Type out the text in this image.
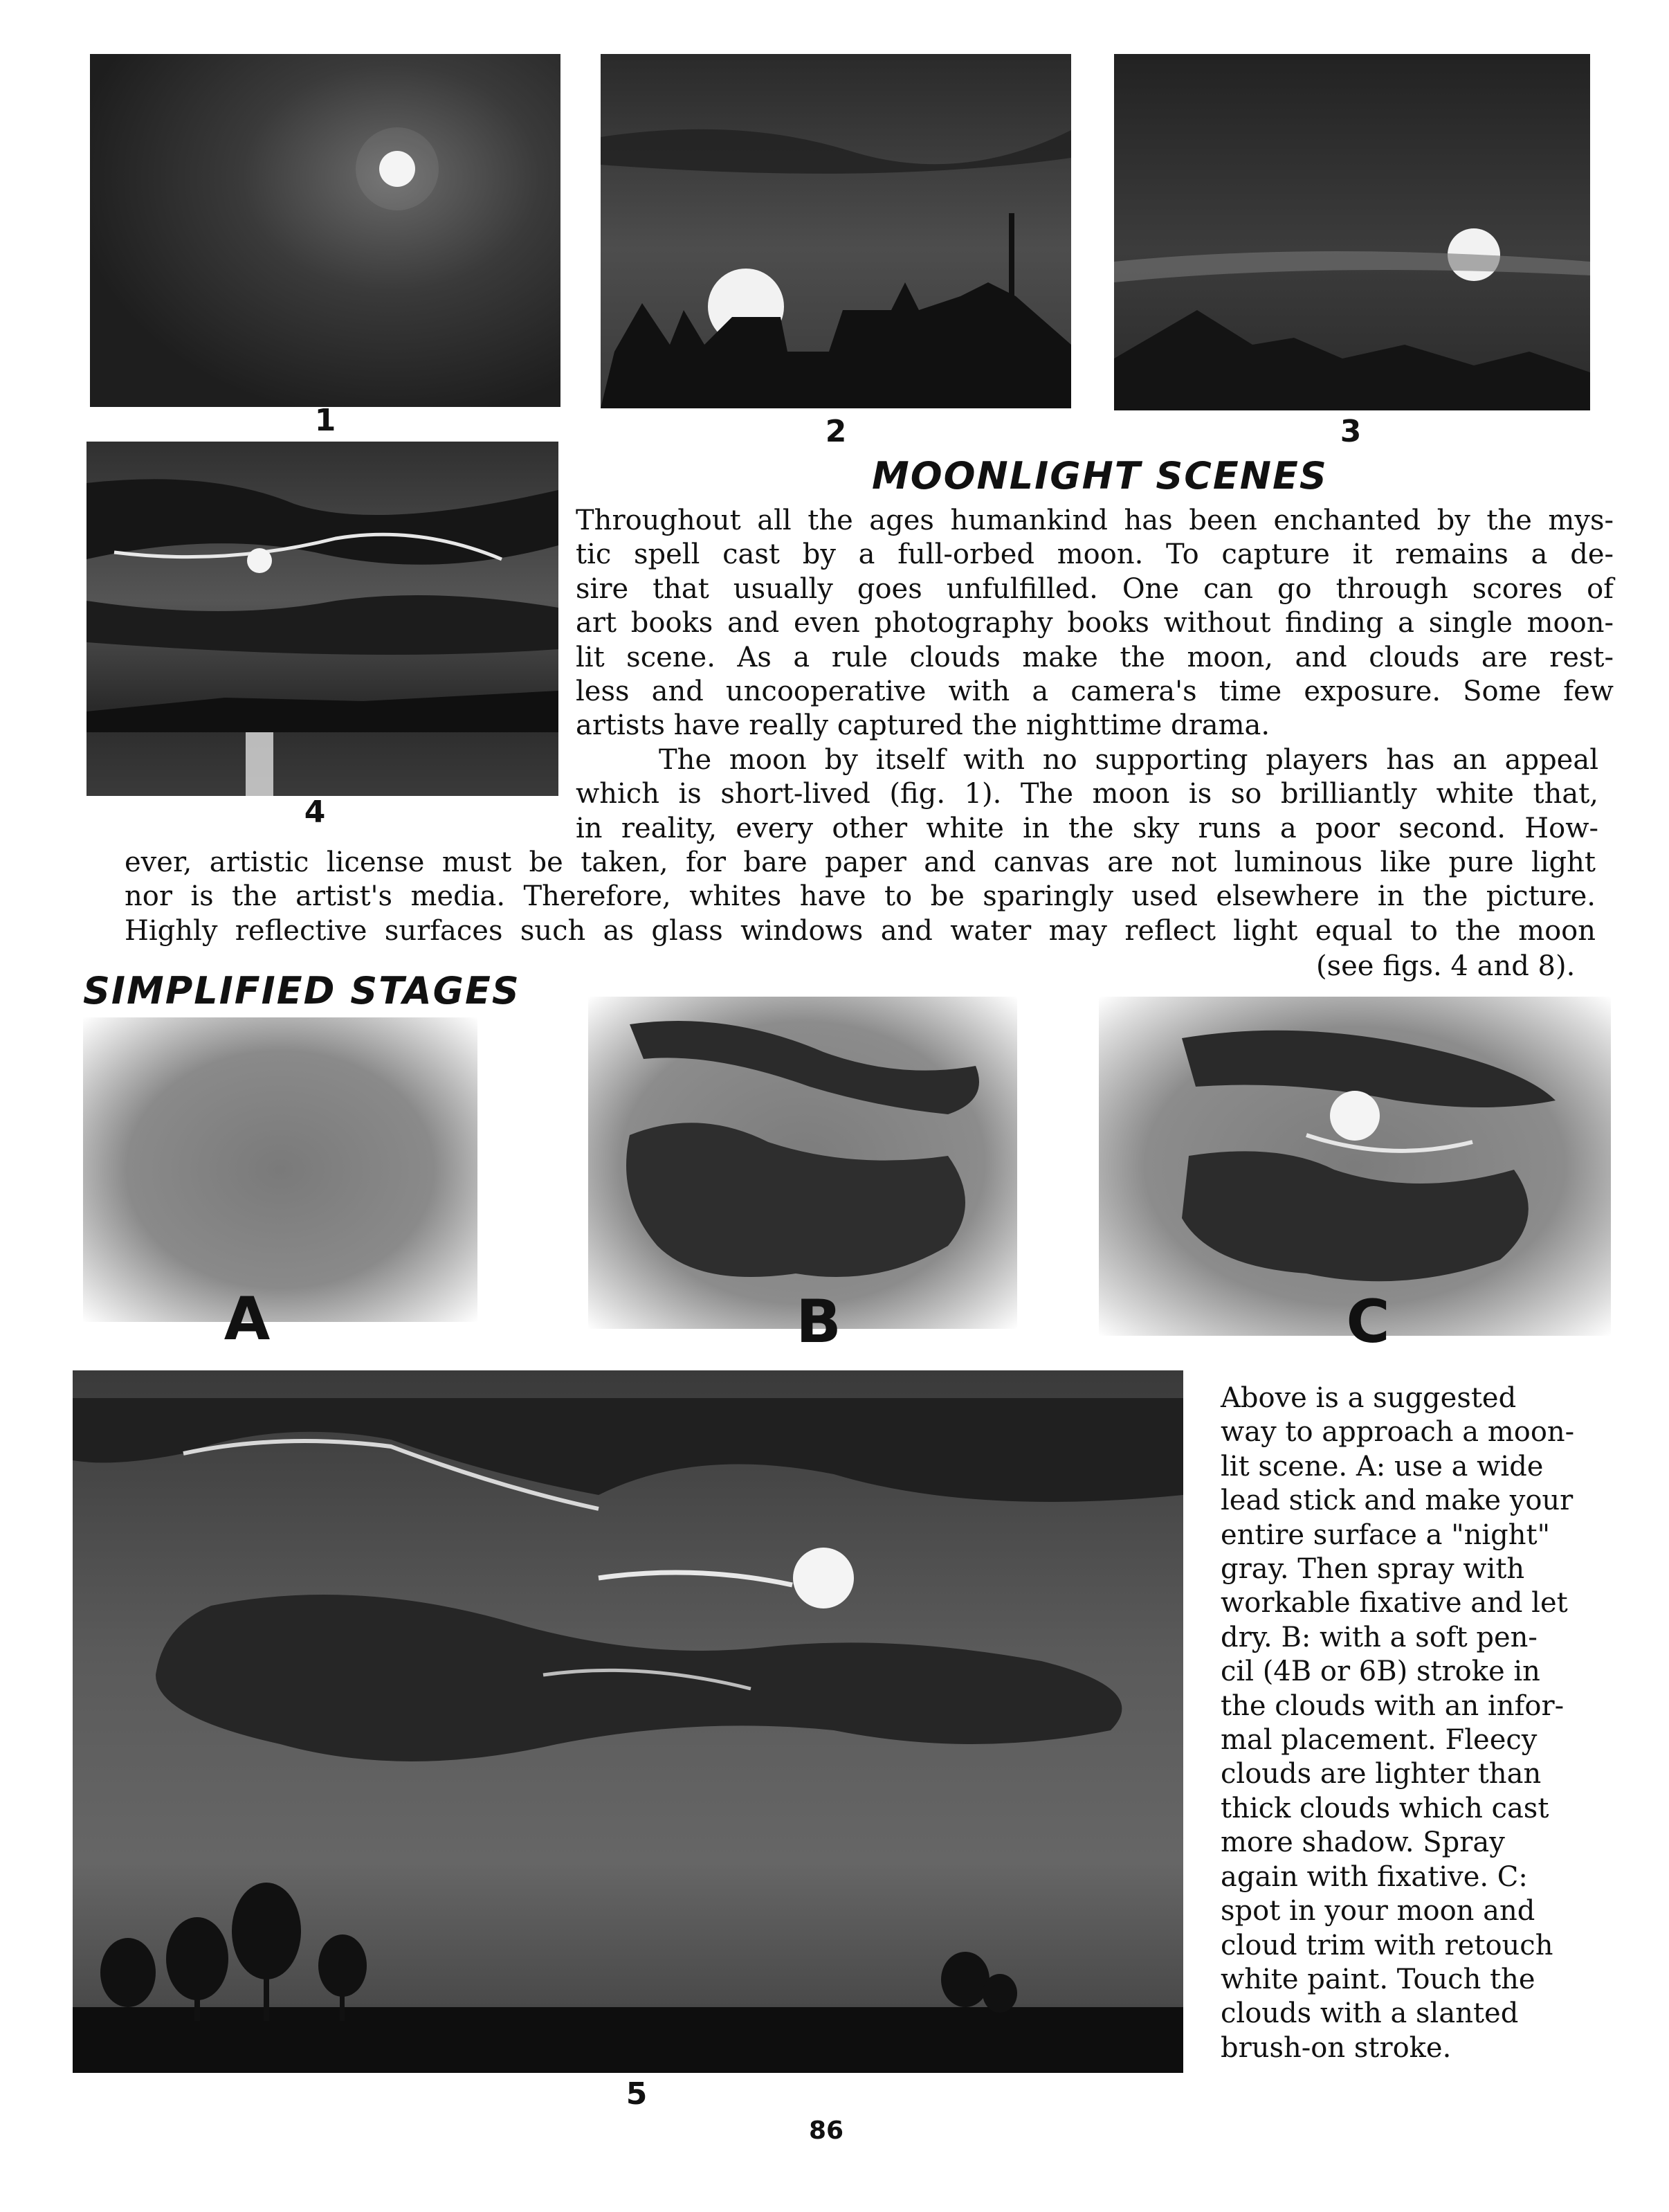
1	2	3
4
MOONLIGHT SCENES
Throughout all the ages humankind has been enchanted by the mys-
tic spell cast by a full-orbed moon. To capture it remains a de-
sire that usually goes unfulfilled. One can go through scores of
art books and even photography books without finding a single moon-
lit scene. As a rule clouds make the moon, and clouds are rest-
less and uncooperative with a camera's time exposure. Some few
artists have really captured the nighttime drama.
The moon by itself with no supporting players has an appeal
which is short-lived (fig. 1). The moon is so brilliantly white that,
in reality, every other white in the sky runs a poor second. How-
ever, artistic license must be taken, for bare paper and canvas are not luminous like pure light
nor is the artist's media. Therefore, whites have to be sparingly used elsewhere in the picture.
Highly reflective surfaces such as glass windows and water may reflect light equal to the moon
(see figs. 4 and 8).
SIMPLIFIED STAGES
A	B	C
5
Above is a suggested
way to approach a moon-
lit scene. A: use a wide
lead stick and make your
entire surface a "night"
gray. Then spray with
workable fixative and let
dry. B: with a soft pen-
cil (4B or 6B) stroke in
the clouds with an infor-
mal placement. Fleecy
clouds are lighter than
thick clouds which cast
more shadow. Spray
again with fixative. C:
spot in your moon and
cloud trim with retouch
white paint. Touch the
clouds with a slanted
brush-on stroke.
86
